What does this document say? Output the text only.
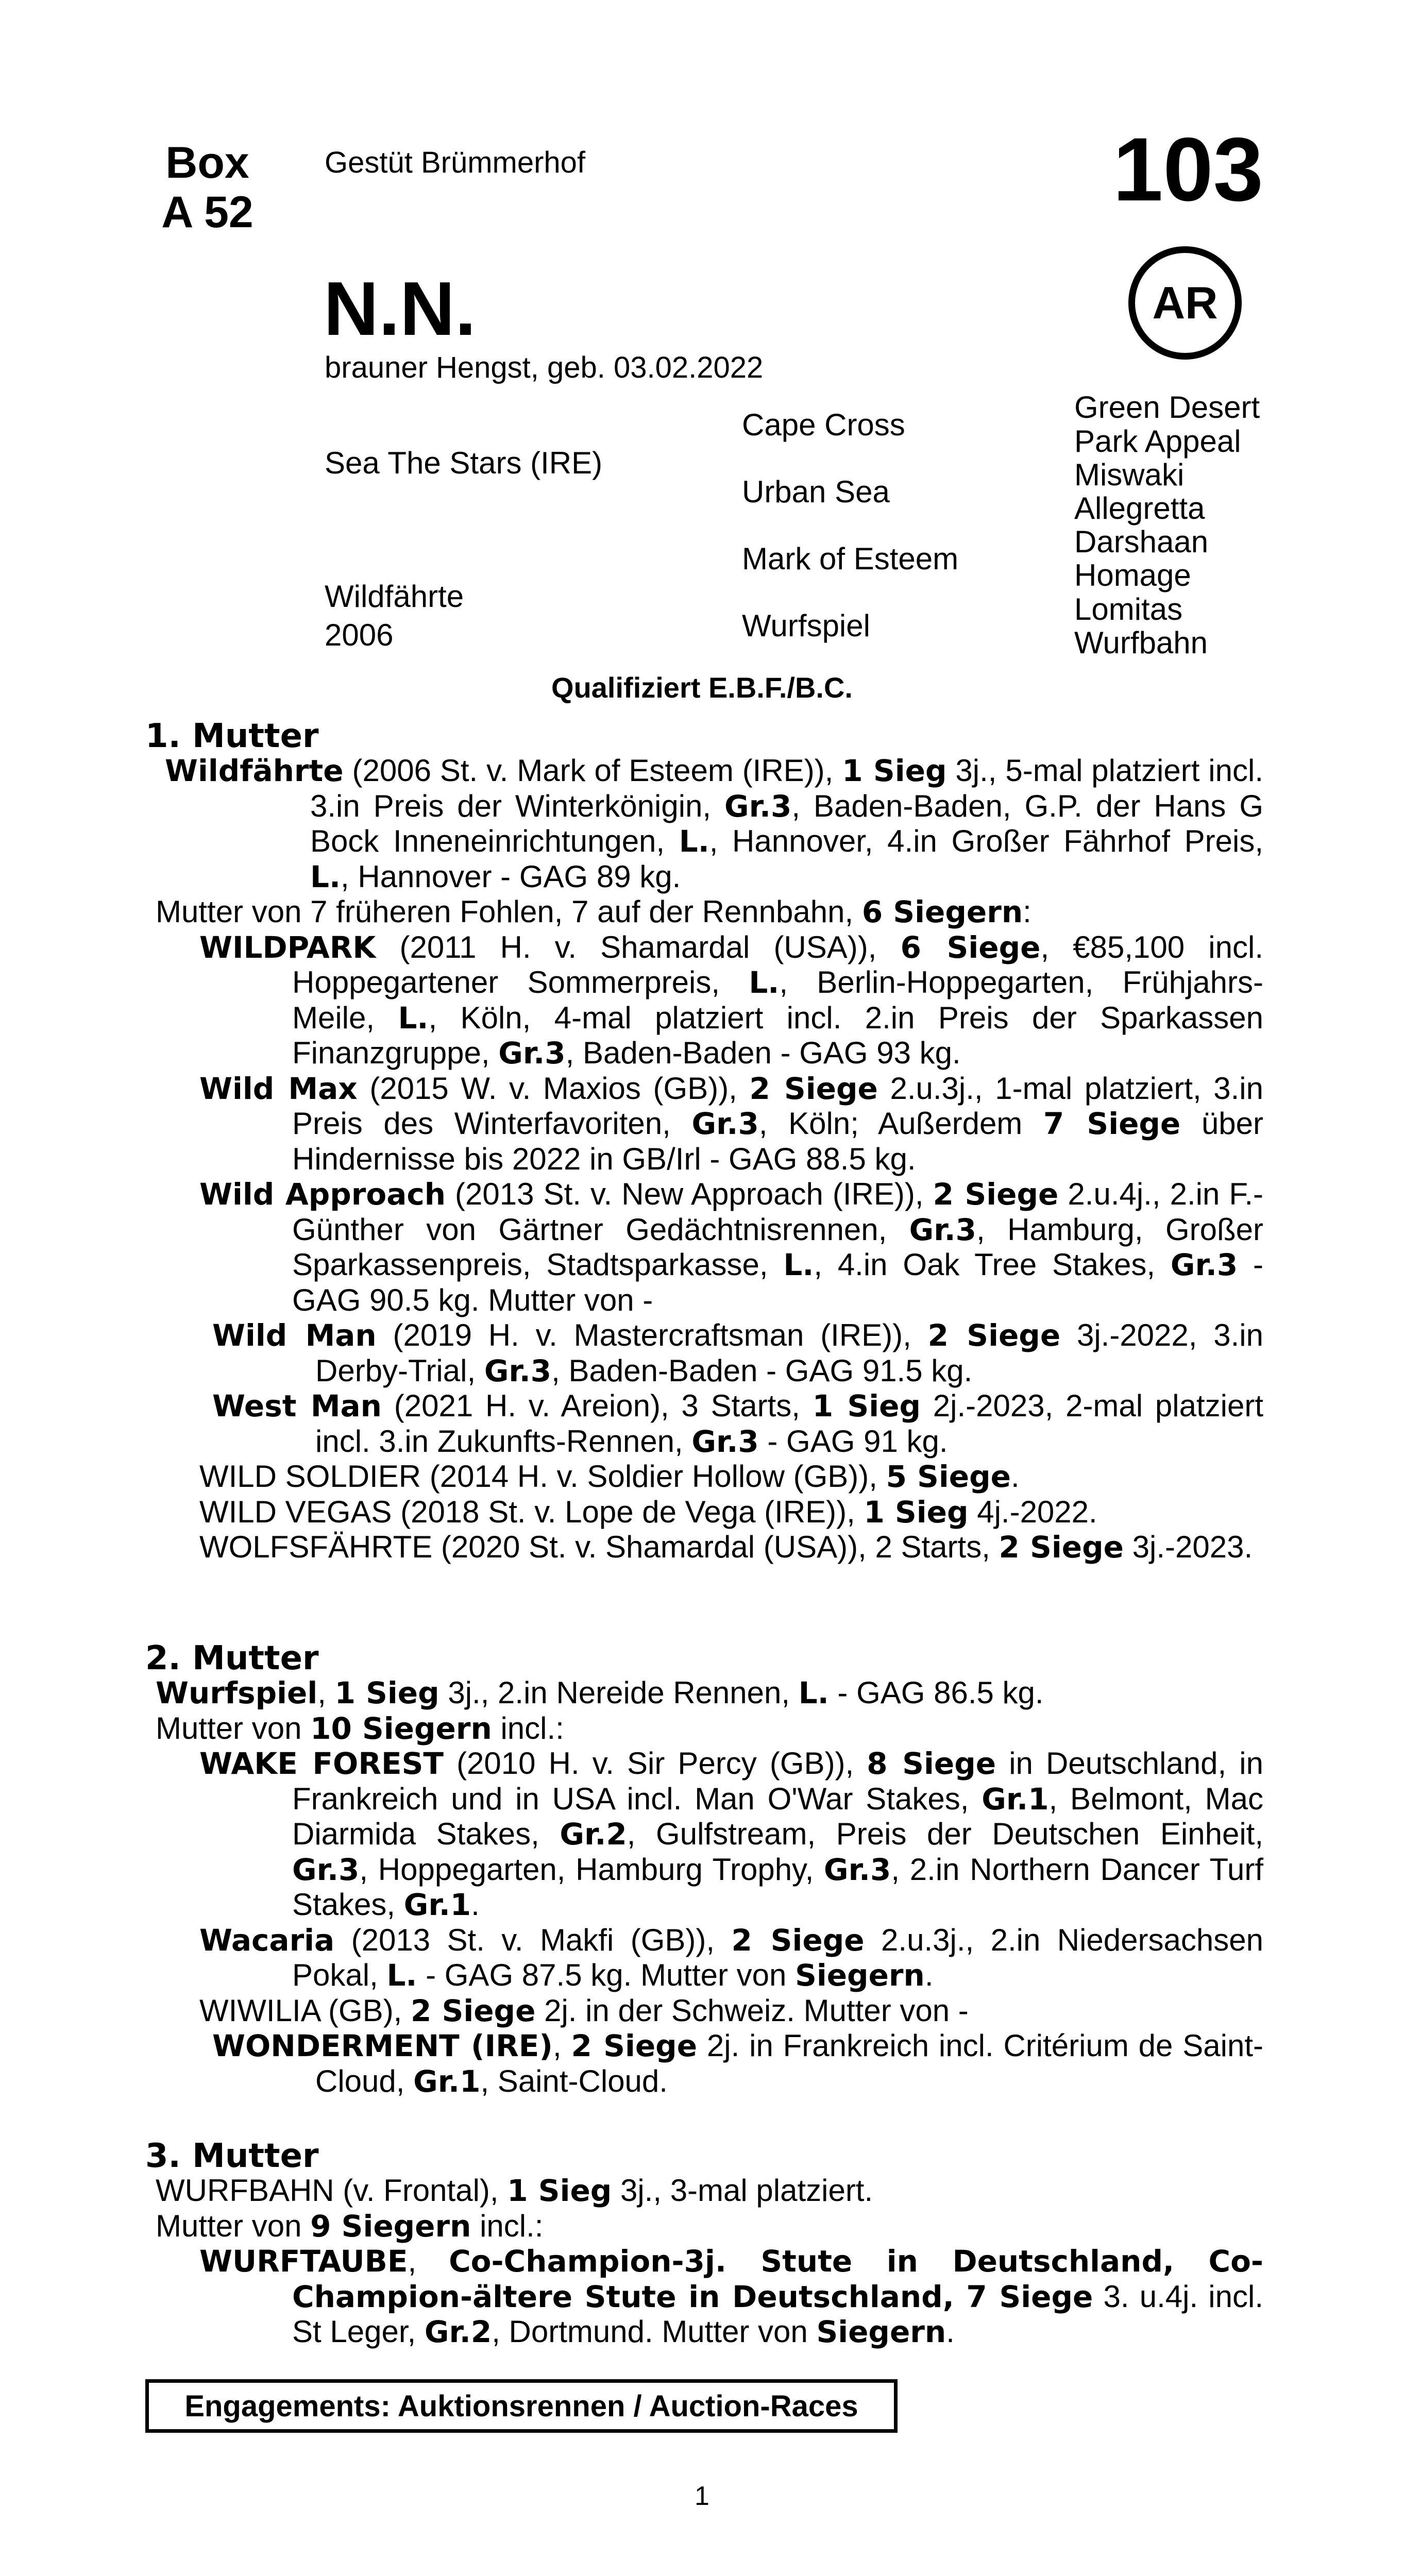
Box
A 52
Gestüt Brümmerhof	103
AR
N.N.
brauner Hengst, geb. 03.02.2022
Sea The Stars (IRE)
Wildfährte
2006
Cape Cross
Urban Sea
Mark of Esteem
Wurfspiel
Green Desert
Park Appeal
Miswaki
Allegretta
Darshaan
Homage
Lomitas
Wurfbahn
Qualifiziert E.B.F./B.C.
1. Mutter

Wildfährte (2006 St. v. Mark of Esteem (IRE)), 1 Sieg 3j., 5-mal platziert incl. 3.in Preis der Winterkönigin, Gr.3, Baden-Baden, G.P. der Hans G Bock Inneneinrichtungen, L., Hannover, 4.in Großer Fährhof Preis, L., Hannover - GAG 89 kg.

Mutter von 7 früheren Fohlen, 7 auf der Rennbahn, 6 Siegern:

WILDPARK (2011 H. v. Shamardal (USA)), 6 Siege, €85,100 incl. Hoppegartener Sommerpreis, L., Berlin-Hoppegarten, Frühjahrs-Meile, L., Köln, 4-mal platziert incl. 2.in Preis der Sparkassen Finanzgruppe, Gr.3, Baden-Baden - GAG 93 kg.

Wild Max (2015 W. v. Maxios (GB)), 2 Siege 2.u.3j., 1-mal platziert, 3.in Preis des Winterfavoriten, Gr.3, Köln; Außerdem 7 Siege über Hindernisse bis 2022 in GB/Irl - GAG 88.5 kg.

Wild Approach (2013 St. v. New Approach (IRE)), 2 Siege 2.u.4j., 2.in F.-Günther von Gärtner Gedächtnisrennen, Gr.3, Hamburg, Großer Sparkassenpreis, Stadtsparkasse, L., 4.in Oak Tree Stakes, Gr.3 - GAG 90.5 kg. Mutter von -

Wild Man (2019 H. v. Mastercraftsman (IRE)), 2 Siege 3j.-2022, 3.in Derby-Trial, Gr.3, Baden-Baden - GAG 91.5 kg.

West Man (2021 H. v. Areion), 3 Starts, 1 Sieg 2j.-2023, 2-mal platziert incl. 3.in Zukunfts-Rennen, Gr.3 - GAG 91 kg.

WILD SOLDIER (2014 H. v. Soldier Hollow (GB)), 5 Siege.

WILD VEGAS (2018 St. v. Lope de Vega (IRE)), 1 Sieg 4j.-2022.

WOLFSFÄHRTE (2020 St. v. Shamardal (USA)), 2 Starts, 2 Siege 3j.-2023.

2. Mutter

Wurfspiel, 1 Sieg 3j., 2.in Nereide Rennen, L. - GAG 86.5 kg.

Mutter von 10 Siegern incl.:

WAKE FOREST (2010 H. v. Sir Percy (GB)), 8 Siege in Deutschland, in Frankreich und in USA incl. Man O'War Stakes, Gr.1, Belmont, Mac Diarmida Stakes, Gr.2, Gulfstream, Preis der Deutschen Einheit, Gr.3, Hoppegarten, Hamburg Trophy, Gr.3, 2.in Northern Dancer Turf Stakes, Gr.1.

Wacaria (2013 St. v. Makfi (GB)), 2 Siege 2.u.3j., 2.in Niedersachsen Pokal, L. - GAG 87.5 kg. Mutter von Siegern.

WIWILIA (GB), 2 Siege 2j. in der Schweiz. Mutter von -

WONDERMENT (IRE), 2 Siege 2j. in Frankreich incl. Critérium de Saint-Cloud, Gr.1, Saint-Cloud.

3. Mutter

WURFBAHN (v. Frontal), 1 Sieg 3j., 3-mal platziert.

Mutter von 9 Siegern incl.:

WURFTAUBE, Co-Champion-3j. Stute in Deutschland, Co-Champion-ältere Stute in Deutschland, 7 Siege 3. u.4j. incl. St Leger, Gr.2, Dortmund. Mutter von Siegern.

Engagements: Auktionsrennen / Auction-Races
1
